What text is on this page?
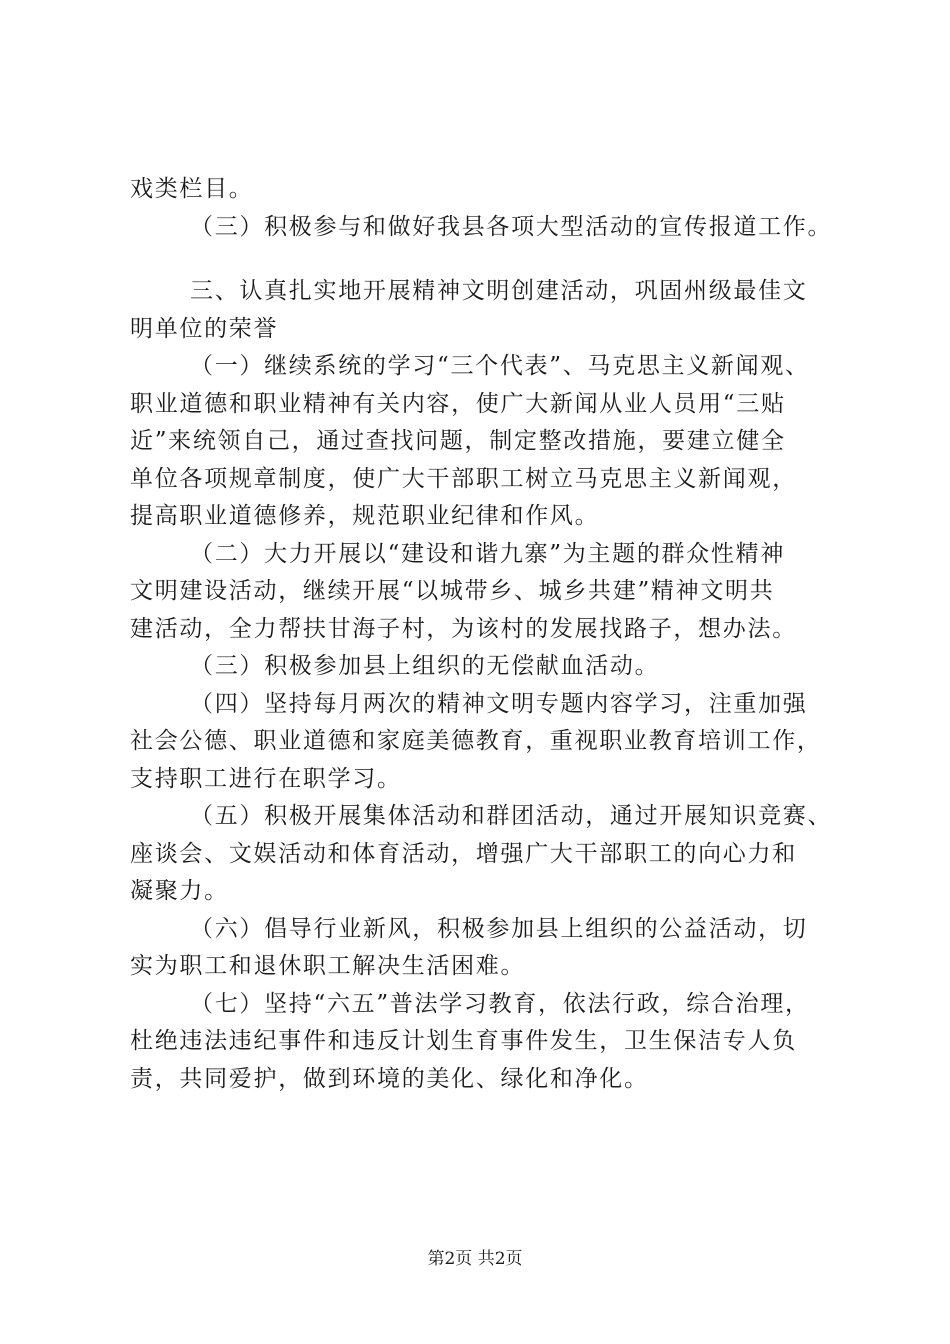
戏类栏目。
（三）积极参与和做好我县各项大型活动的宣传报道工作。
三、认真扎实地开展精神文明创建活动，巩固州级最佳文
明单位的荣誉
（一）继续系统的学习“三个代表”、马克思主义新闻观、
职业道德和职业精神有关内容，使广大新闻从业人员用“三贴
近”来统领自己，通过查找问题，制定整改措施，要建立健全
单位各项规章制度，使广大干部职工树立马克思主义新闻观，
提高职业道德修养，规范职业纪律和作风。
（二）大力开展以“建设和谐九寨”为主题的群众性精神
文明建设活动，继续开展“以城带乡、城乡共建”精神文明共
建活动，全力帮扶甘海子村，为该村的发展找路子，想办法。
（三）积极参加县上组织的无偿献血活动。
（四）坚持每月两次的精神文明专题内容学习，注重加强
社会公德、职业道德和家庭美德教育，重视职业教育培训工作，
支持职工进行在职学习。
（五）积极开展集体活动和群团活动，通过开展知识竞赛、
座谈会、文娱活动和体育活动，增强广大干部职工的向心力和
凝聚力。
（六）倡导行业新风，积极参加县上组织的公益活动，切
实为职工和退休职工解决生活困难。
（七）坚持“六五”普法学习教育，依法行政，综合治理，
杜绝违法违纪事件和违反计划生育事件发生，卫生保洁专人负
责，共同爱护，做到环境的美化、绿化和净化。
第2页 共2页
